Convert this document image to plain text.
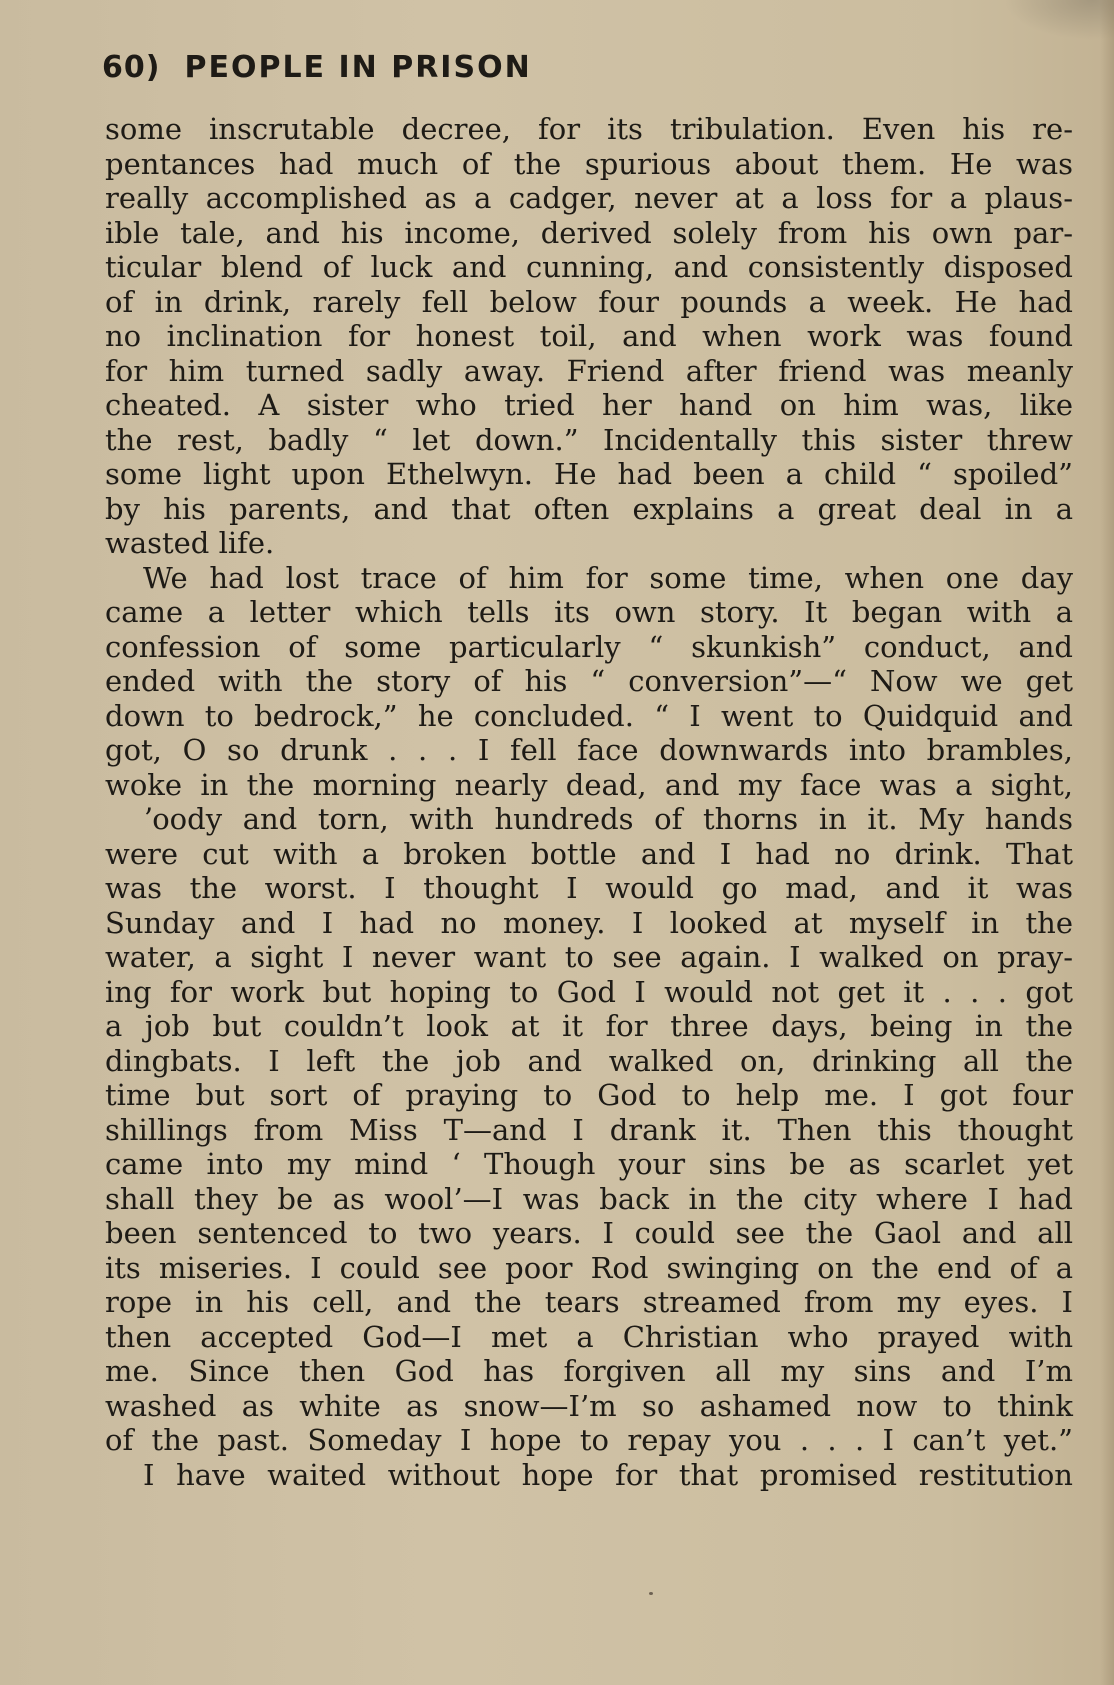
60) PEOPLE IN PRISON
some inscrutable decree, for its tribulation. Even his re-
pentances had much of the spurious about them. He was
really accomplished as a cadger, never at a loss for a plaus-
ible tale, and his income, derived solely from his own par-
ticular blend of luck and cunning, and consistently disposed
of in drink, rarely fell below four pounds a week. He had
no inclination for honest toil, and when work was found
for him turned sadly away. Friend after friend was meanly
cheated. A sister who tried her hand on him was, like
the rest, badly “ let down.” Incidentally this sister threw
some light upon Ethelwyn. He had been a child “ spoiled”
by his parents, and that often explains a great deal in a
wasted life.
We had lost trace of him for some time, when one day
came a letter which tells its own story. It began with a
confession of some particularly “ skunkish” conduct, and
ended with the story of his “ conversion”—“ Now we get
down to bedrock,” he concluded. “ I went to Quidquid and
got, O so drunk . . . I fell face downwards into brambles,
woke in the morning nearly dead, and my face was a sight,
ʼoody and torn, with hundreds of thorns in it. My hands
were cut with a broken bottle and I had no drink. That
was the worst. I thought I would go mad, and it was
Sunday and I had no money. I looked at myself in the
water, a sight I never want to see again. I walked on pray-
ing for work but hoping to God I would not get it . . . got
a job but couldn’t look at it for three days, being in the
dingbats. I left the job and walked on, drinking all the
time but sort of praying to God to help me. I got four
shillings from Miss T—and I drank it. Then this thought
came into my mind ‘ Though your sins be as scarlet yet
shall they be as wool’—I was back in the city where I had
been sentenced to two years. I could see the Gaol and all
its miseries. I could see poor Rod swinging on the end of a
rope in his cell, and the tears streamed from my eyes. I
then accepted God—I met a Christian who prayed with
me. Since then God has forgiven all my sins and I’m
washed as white as snow—I’m so ashamed now to think
of the past. Someday I hope to repay you . . . I can’t yet.”
I have waited without hope for that promised restitution
